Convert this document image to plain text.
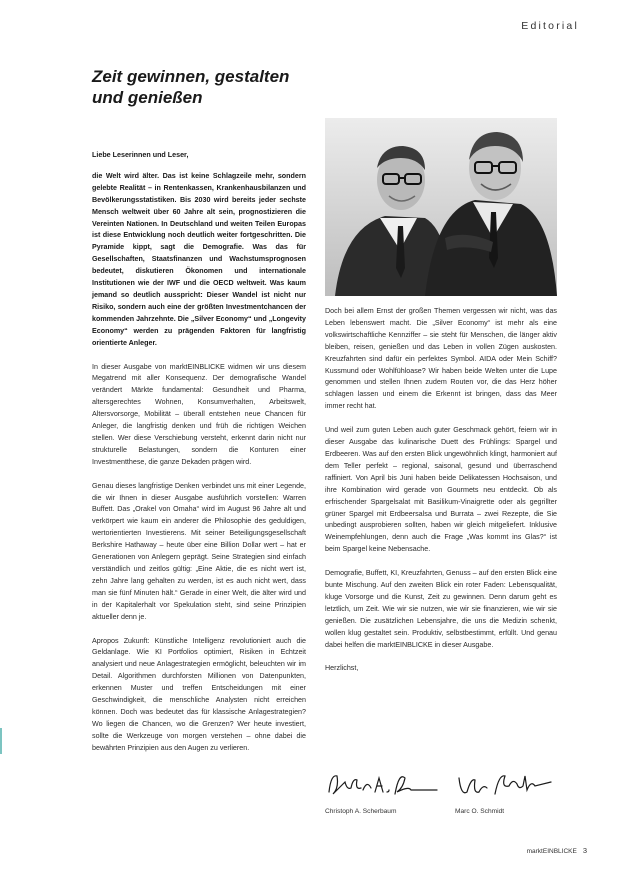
Editorial
Zeit gewinnen, gestalten
und genießen

Liebe Leserinnen und Leser,

die Welt wird älter. Das ist keine Schlagzeile mehr, sondern gelebte Realität – in Rentenkassen, Krankenhausbilanzen und Bevölkerungsstatistiken. Bis 2030 wird bereits jeder sechste Mensch weltweit über 60 Jahre alt sein, prognostizieren die Vereinten Nationen. In Deutschland und weiten Teilen Europas ist diese Entwicklung noch deutlich weiter fortgeschritten. Die Pyramide kippt, sagt die Demografie. Was das für Gesellschaften, Staatsfinanzen und Wachstumsprognosen bedeutet, diskutieren Ökonomen und internationale Institutionen wie der IWF und die OECD weltweit. Was kaum jemand so deutlich ausspricht: Dieser Wandel ist nicht nur Risiko, sondern auch eine der größten Investmentchancen der kommenden Jahrzehnte. Die „Silver Economy“ und „Longevity Economy“ werden zu prägenden Faktoren für langfristig orientierte Anleger.

In dieser Ausgabe von marktEINBLICKE widmen wir uns diesem Megatrend mit aller Konsequenz. Der demografische Wandel verändert Märkte fundamental: Gesundheit und Pharma, altersgerechtes Wohnen, Konsumverhalten, Arbeitswelt, Altersvorsorge, Mobilität – überall entstehen neue Chancen für Anleger, die langfristig denken und früh die richtigen Weichen stellen. Wer diese Verschiebung versteht, erkennt darin nicht nur strukturelle Belastungen, sondern die Konturen einer Investmentthese, die ganze Dekaden prägen wird.

Genau dieses langfristige Denken verbindet uns mit einer Legende, die wir Ihnen in dieser Ausgabe ausführlich vorstellen: Warren Buffett. Das „Orakel von Omaha“ wird im August 96 Jahre alt und verkörpert wie kaum ein anderer die Philosophie des geduldigen, wertorientierten Investierens. Mit seiner Beteiligungsgesellschaft Berkshire Hathaway – heute über eine Billion Dollar wert – hat er Generationen von Anlegern geprägt. Seine Strategien sind einfach verständlich und zeitlos gültig: „Eine Aktie, die es nicht wert ist, zehn Jahre lang gehalten zu werden, ist es auch nicht wert, dass man sie fünf Minuten hält.“ Gerade in einer Welt, die älter wird und in der Kapitalerhalt vor Spekulation steht, sind seine Prinzipien aktueller denn je.

Apropos Zukunft: Künstliche Intelligenz revolutioniert auch die Geldanlage. Wie KI Portfolios optimiert, Risiken in Echtzeit analysiert und neue Anlagestrategien ermöglicht, beleuchten wir im Detail. Algorithmen durchforsten Millionen von Datenpunkten, erkennen Muster und treffen Entscheidungen mit einer Geschwindigkeit, die menschliche Analysten nicht erreichen können. Doch was bedeutet das für klassische Anlagestrategien? Wo liegen die Chancen, wo die Grenzen? Wer heute investiert, sollte die Werkzeuge von morgen verstehen – ohne dabei die bewährten Prinzipien aus den Augen zu verlieren.

Doch bei allem Ernst der großen Themen vergessen wir nicht, was das Leben lebenswert macht. Die „Silver Economy“ ist mehr als eine volkswirtschaftliche Kennziffer – sie steht für Menschen, die länger aktiv bleiben, reisen, genießen und das Leben in vollen Zügen auskosten. Kreuzfahrten sind dafür ein perfektes Symbol. AIDA oder Mein Schiff? Kussmund oder Wohlfühloase? Wir haben beide Welten unter die Lupe genommen und stellen Ihnen zudem Routen vor, die das Herz höher schlagen lassen und einem die Erkennt ist bringen, dass das Meer immer recht hat.

Und weil zum guten Leben auch guter Geschmack gehört, feiern wir in dieser Ausgabe das kulinarische Duett des Frühlings: Spargel und Erdbeeren. Was auf den ersten Blick ungewöhnlich klingt, harmoniert auf dem Teller perfekt – regional, saisonal, gesund und überraschend raffiniert. Von April bis Juni haben beide Delikatessen Hochsaison, und ihre Kombination wird gerade von Gourmets neu entdeckt. Ob als erfrischender Spargelsalat mit Basilikum-Vinaigrette oder als gegrillter grüner Spargel mit Erdbeersalsa und Burrata – zwei Rezepte, die Sie unbedingt ausprobieren sollten, haben wir gleich mitgeliefert. Inklusive Weinempfehlungen, denn auch die Frage „Was kommt ins Glas?“ ist beim Spargel keine Nebensache.

Demografie, Buffett, KI, Kreuzfahrten, Genuss – auf den ersten Blick eine bunte Mischung. Auf den zweiten Blick ein roter Faden: Lebensqualität, kluge Vorsorge und die Kunst, Zeit zu gewinnen. Denn darum geht es letztlich, um Zeit. Wie wir sie nutzen, wie wir sie finanzieren, wie wir sie genießen. Die zusätzlichen Lebensjahre, die uns die Medizin schenkt, wollen klug gestaltet sein. Produktiv, selbstbestimmt, erfüllt. Und genau dabei helfen die marktEINBLICKE in dieser Ausgabe.

Herzlichst,

Christoph A. Scherbaum	Marc O. Schmidt
marktEINBLICKE 3
